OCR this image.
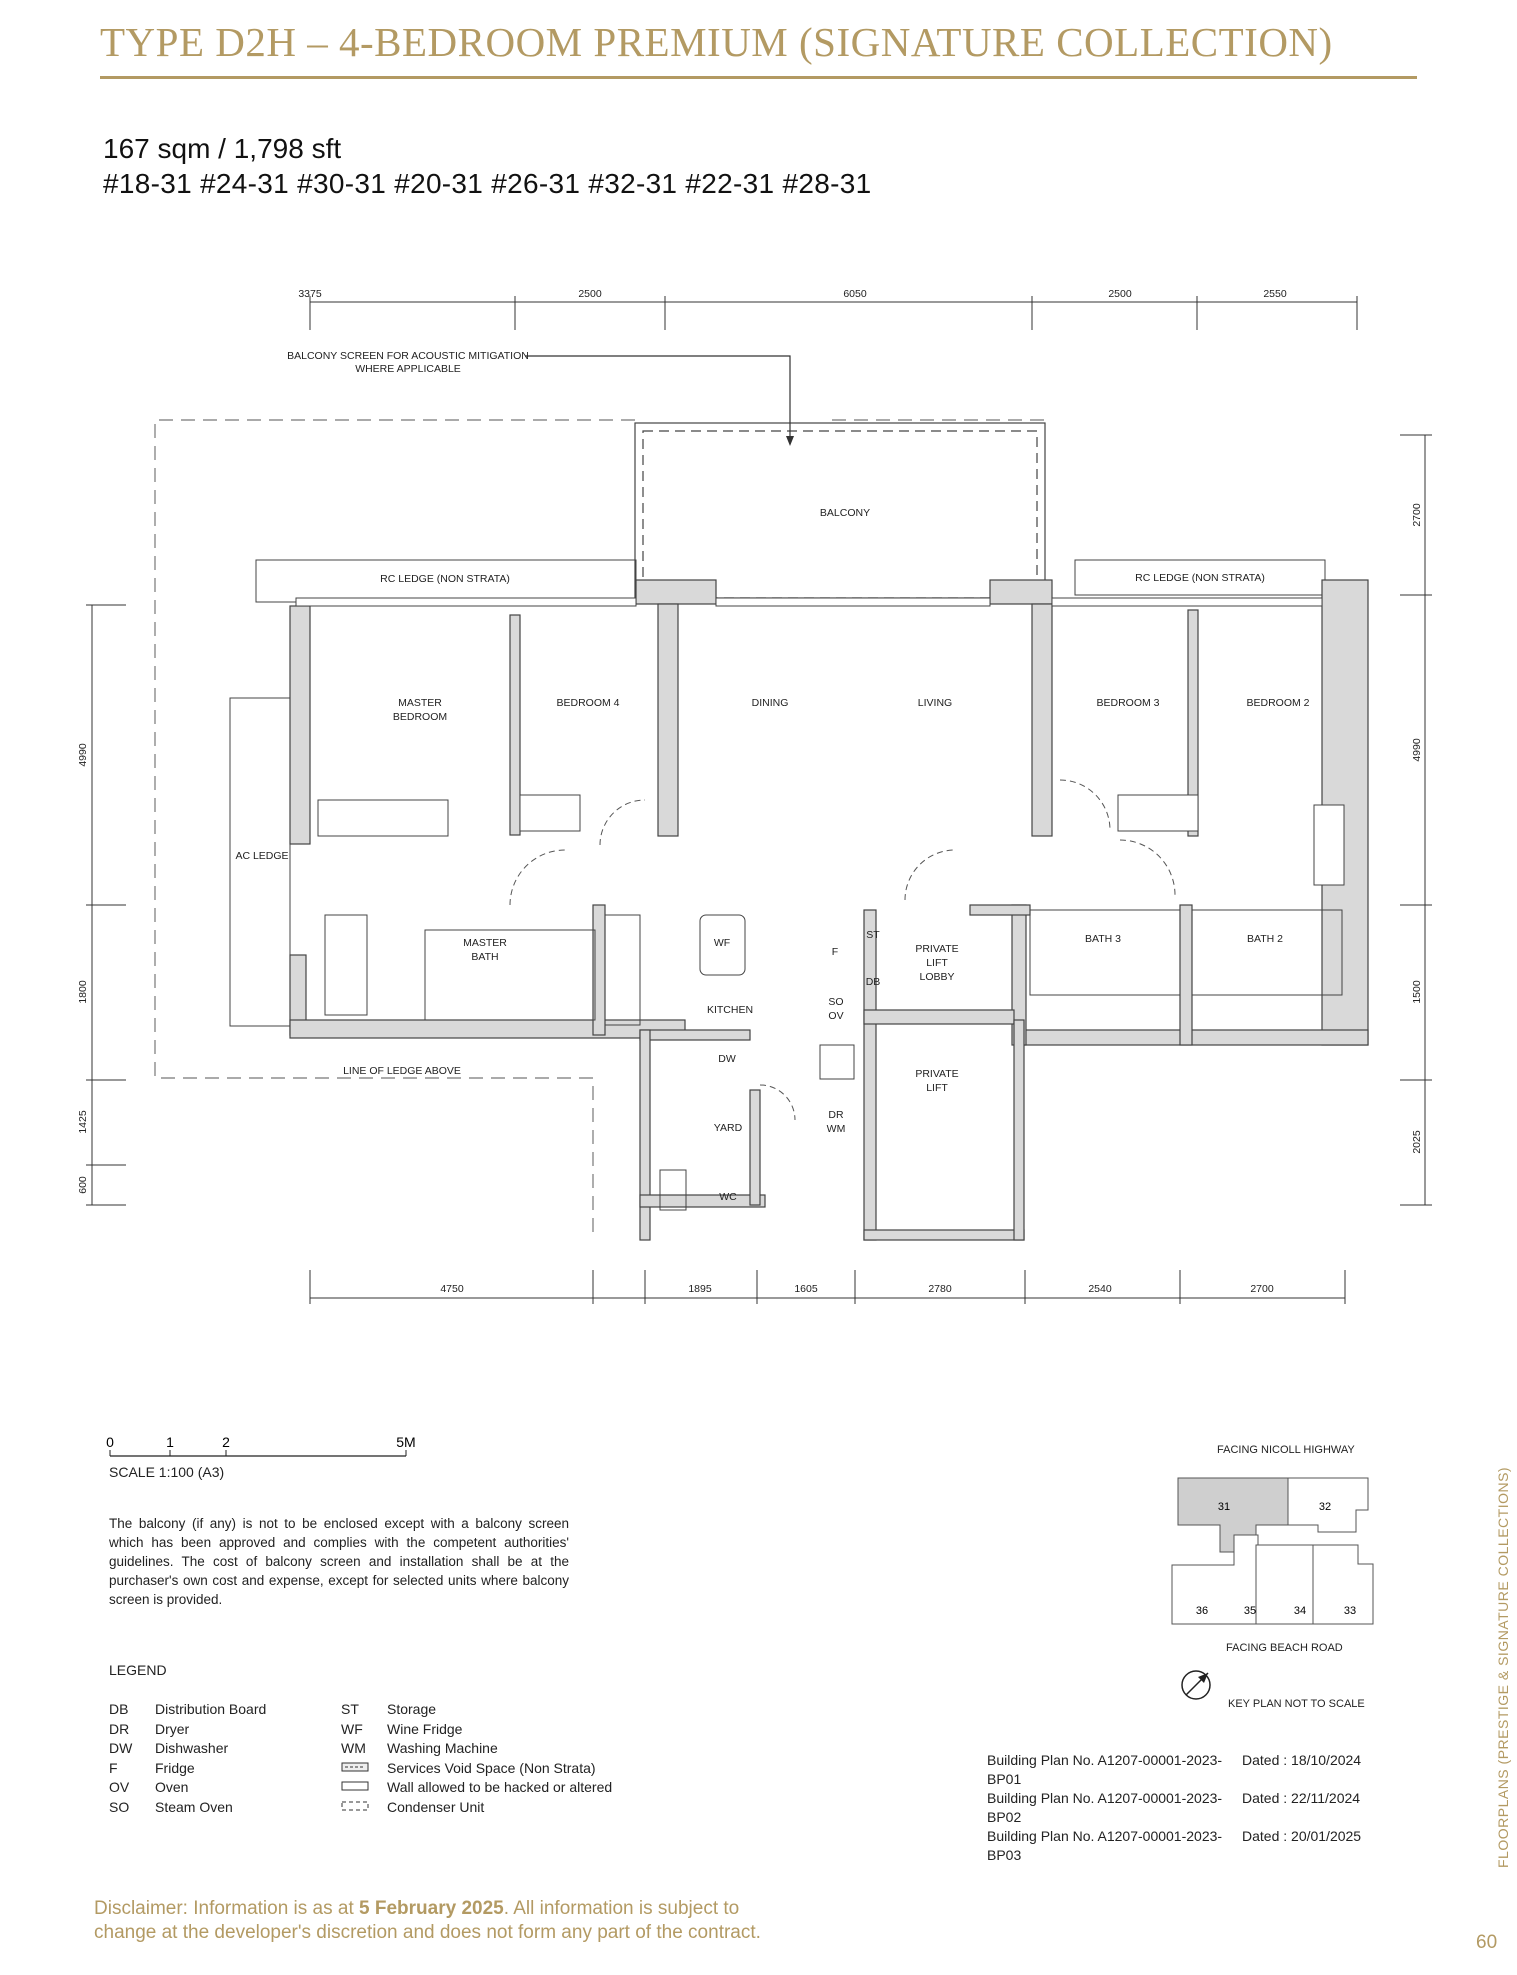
TYPE D2H – 4-BEDROOM PREMIUM (SIGNATURE COLLECTION)
167 sqm / 1,798 sft
#18-31 #24-31 #30-31 #20-31 #26-31 #32-31 #22-31 #28-31
3375	2500	6050	2500	2550
4750	1895	1605	2780	2540	2700
4990
1800
1425
600
2700
4990
1500
2025
BALCONY SCREEN FOR ACOUSTIC MITIGATION
WHERE APPLICABLE
BALCONY
RC LEDGE (NON STRATA)	RC LEDGE (NON STRATA)
MASTER
BEDROOM
BEDROOM 4	DINING	LIVING	BEDROOM 3	BEDROOM 2
AC LEDGE
MASTER
BATH
WF
KITCHEN
F
ST
DB
SO
OV
PRIVATE
LIFT
LOBBY
BATH 3	BATH 2
DW
YARD
DR
WM
WC
PRIVATE
LIFT
LINE OF LEDGE ABOVE
0	1	2	5M
SCALE 1:100 (A3)
The balcony (if any) is not to be enclosed except with a balcony screen which has been approved and complies with the competent authorities' guidelines. The cost of balcony screen and installation shall be at the purchaser's own cost and expense, except for selected units where balcony screen is provided.
LEGEND
DB	Distribution Board
DR	Dryer
DW	Dishwasher
F	Fridge
OV	Oven
SO	Steam Oven
ST	Storage
WF	Wine Fridge
WM	Washing Machine
Services Void Space (Non Strata)
Wall allowed to be hacked or altered
Condenser Unit
FACING NICOLL HIGHWAY
31	32
36	35	34	33
FACING BEACH ROAD
KEY PLAN NOT TO SCALE
Building Plan No. A1207-00001-2023-BP01
Dated : 18/10/2024
Building Plan No. A1207-00001-2023-BP02
Dated : 22/11/2024
Building Plan No. A1207-00001-2023-BP03
Dated : 20/01/2025
Disclaimer: Information is as at 5 February 2025. All information is subject to
change at the developer's discretion and does not form any part of the contract.
FLOORPLANS (PRESTIGE & SIGNATURE COLLECTIONS)
60
